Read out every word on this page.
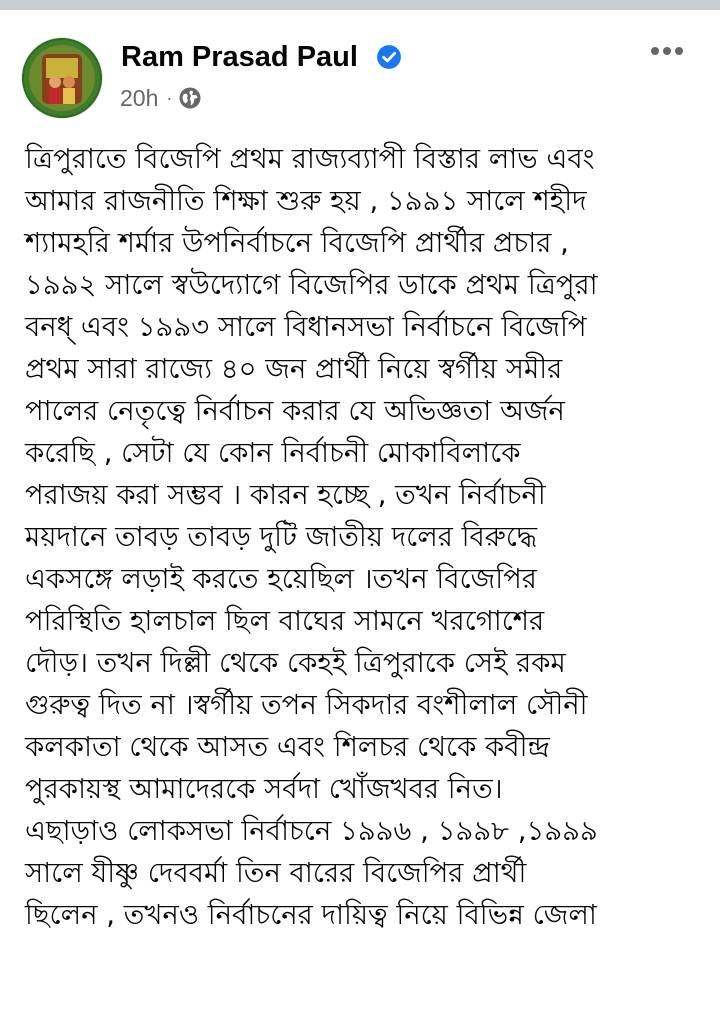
Ram Prasad Paul
20h ·
ত্রিপুরাতে বিজেপি প্রথম রাজ্যব্যাপী বিস্তার লাভ এবং
আমার রাজনীতি শিক্ষা শুরু হয় , ১৯৯১ সালে শহীদ
শ্যামহরি শর্মার উপনির্বাচনে বিজেপি প্রার্থীর প্রচার ,
১৯৯২ সালে স্বউদ্যোগে বিজেপির ডাকে প্রথম ত্রিপুরা
বনধ্ এবং ১৯৯৩ সালে বিধানসভা নির্বাচনে বিজেপি
প্রথম সারা রাজ্যে ৪০ জন প্রার্থী নিয়ে স্বর্গীয় সমীর
পালের নেতৃত্বে নির্বাচন করার যে অভিজ্ঞতা অর্জন
করেছি , সেটা যে কোন নির্বাচনী মোকাবিলাকে
পরাজয় করা সম্ভব । কারন হচ্ছে , তখন নির্বাচনী
ময়দানে তাবড় তাবড় দুটি জাতীয় দলের বিরুদ্ধে
একসঙ্গে লড়াই করতে হয়েছিল ।তখন বিজেপির
পরিস্থিতি হালচাল ছিল বাঘের সামনে খরগোশের
দৌড়। তখন দিল্লী থেকে কেহই ত্রিপুরাকে সেই রকম
গুরুত্ব দিত না ।স্বর্গীয় তপন সিকদার বংশীলাল সৌনী
কলকাতা থেকে আসত এবং শিলচর থেকে কবীন্দ্র
পুরকায়স্থ আমাদেরকে সর্বদা খোঁজখবর নিত।
এছাড়াও লোকসভা নির্বাচনে ১৯৯৬ , ১৯৯৮ ,১৯৯৯
সালে যীষ্ণু দেববর্মা তিন বারের বিজেপির প্রার্থী
ছিলেন , তখনও নির্বাচনের দায়িত্ব নিয়ে বিভিন্ন জেলা
